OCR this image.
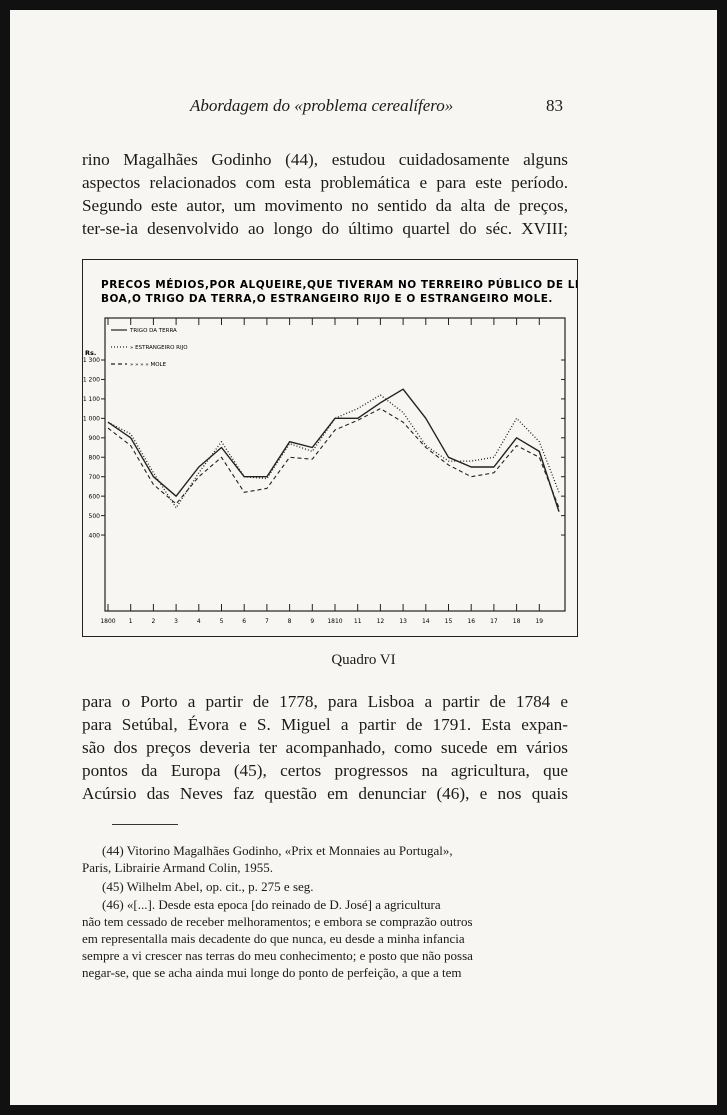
Abordagem do «problema cerealífero»	83
rino Magalhães Godinho (44), estudou cuidadosamente alguns
aspectos relacionados com esta problemática e para este período.
Segundo este autor, um movimento no sentido da alta de preços,
ter-se-ia desenvolvido ao longo do último quartel do séc. XVIII;
PRECOS MÉDIOS,POR ALQUEIRE,QUE TIVERAM NO TERREIRO PÚBLICO DE LIS-
BOA,O TRIGO DA TERRA,O ESTRANGEIRO RIJO E O ESTRANGEIRO MOLE.
Rs.
TRIGO DA TERRA
» ESTRANGEIRO RIJO
» » » » MOLE
1 300
1 200
1 100
1 000
900
800
700
600
500
400
1800 1	2	3	4	5	6	7	8	9 1810 11	12	13	14	15	16	17	18	19
Quadro VI
para o Porto a partir de 1778, para Lisboa a partir de 1784 e
para Setúbal, Évora e S. Miguel a partir de 1791. Esta expan-
são dos preços deveria ter acompanhado, como sucede em vários
pontos da Europa (45), certos progressos na agricultura, que
Acúrsio das Neves faz questão em denunciar (46), e nos quais
(44) Vitorino Magalhães Godinho, «Prix et Monnaies au Portugal»,
Paris, Librairie Armand Colin, 1955.
(45) Wilhelm Abel, op. cit., p. 275 e seg.
(46) «[...]. Desde esta epoca [do reinado de D. José] a agricultura
não tem cessado de receber melhoramentos; e embora se comprazão outros
em representalla mais decadente do que nunca, eu desde a minha infancia
sempre a vi crescer nas terras do meu conhecimento; e posto que não possa
negar-se, que se acha ainda mui longe do ponto de perfeição, a que a tem
